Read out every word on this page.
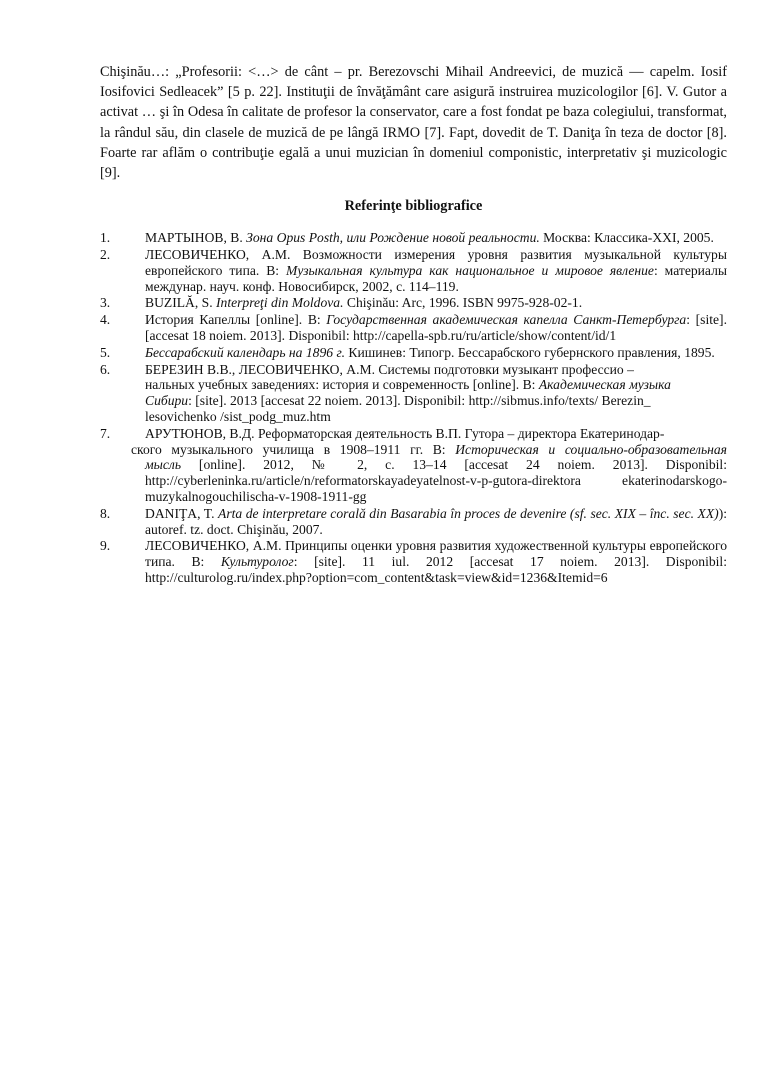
Chişinău…: „Profesorii: <…> de cânt – pr. Berezovschi Mihail Andreevici, de muzică — capelm. Iosif Iosifovici Sedleacek” [5 p. 22]. Instituţii de învăţământ care asigură instruirea muzicologilor [6]. V. Gutor a activat … şi în Odesa în calitate de profesor la conservator, care a fost fondat pe baza colegiului, transformat, la rândul său, din clasele de muzică de pe lângă IRMO [7]. Fapt, dovedit de T. Daniţa în teza de doctor [8]. Foarte rar aflăm o contribuţie egală a unui muzician în domeniul componistic, interpretativ şi muzicologic [9].

Referinţe bibliografice
1.	МАРТЫНОВ, В. Зона Opus Posth, или Рождение новой реальности. Москва: Классика-XXI, 2005.
2.	ЛЕСОВИЧЕНКО, А.М. Возможности измерения уровня развития музыкальной культуры европейского типа. В: Музыкальная культура как национальное и мировое явление: материалы междунар. науч. конф. Новосибирск, 2002, с. 114–119.
3.	BUZILĂ, S. Interpreţi din Moldova. Chişinău: Arc, 1996. ISBN 9975-928-02-1.
4.	История Капеллы [online]. В: Государственная академическая капелла Санкт-Петербурга: [site]. [accesat 18 noiem. 2013]. Disponibil: http://capella-spb.ru/ru/article/show/content/id/1
5.	Бессарабский календарь на 1896 г. Кишинев: Типогр. Бессарабского губернского правления, 1895.
6.	БЕРЕЗИН В.В., ЛЕСОВИЧЕНКО, А.М. Системы подготовки музыкант профессио –
нальных учебных заведениях: история и современность [online]. В: Академическая музыка
Сибири: [site]. 2013 [accesat 22 noiem. 2013]. Disponibil: http://sibmus.info/texts/ Berezin_
lesovichenko /sist_podg_muz.htm
7.	АРУТЮНОВ, В.Д. Реформаторская деятельность В.П. Гутора – директора Екатеринодар-
ского музыкального училища в 1908–1911 гг. В: Историческая и социально-образовательная
мысль [online]. 2012, № 2, с. 13–14 [accesat 24 noiem. 2013]. Disponibil:
http://cyberleninka.ru/article/n/reformatorskayadeyatelnost-v-p-gutora-direktora ekaterinodarskogo-
muzykalnogouchilischa-v-1908-1911-gg
8.	DANIŢA, T. Arta de interpretare corală din Basarabia în proces de devenire (sf. sec. XIX – înc. sec. XX)): autoref. tz. doct. Chişinău, 2007.
9.	ЛЕСОВИЧЕНКО, А.М. Принципы оценки уровня развития художественной культуры европейского типа. В: Культуролог: [site]. 11 iul. 2012 [accesat 17 noiem. 2013]. Disponibil: http://culturolog.ru/index.php?option=com_content&task=view&id=1236&Itemid=6
